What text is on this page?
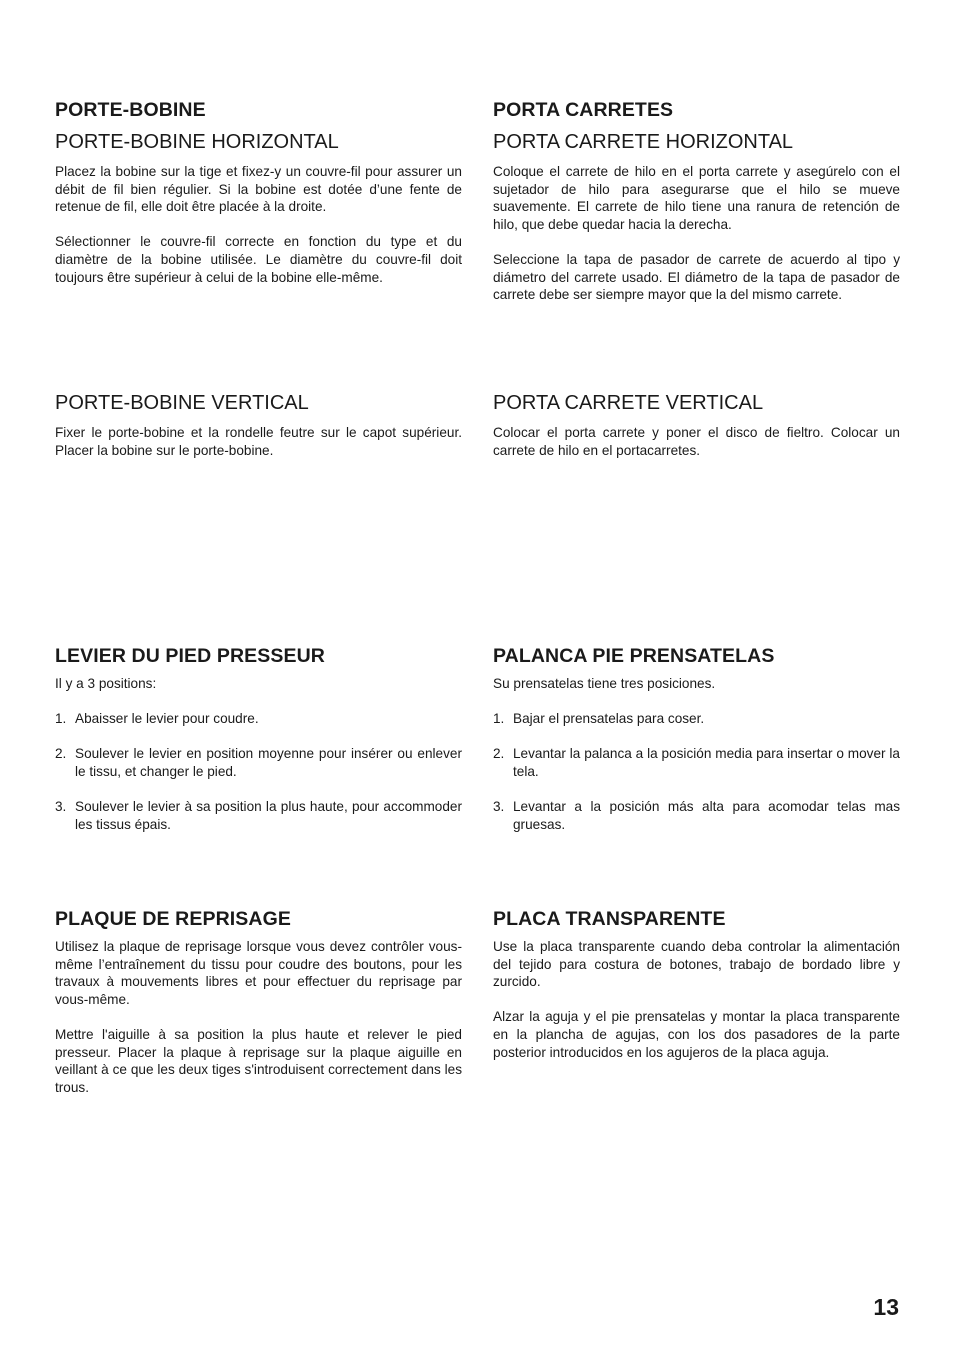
PORTE-BOBINE
PORTE-BOBINE HORIZONTAL

Placez la bobine sur la tige et fixez-y un couvre-fil pour assurer un débit de fil bien régulier. Si la bobine est dotée d’une fente de retenue de fil, elle doit être placée à la droite.

Sélectionner le couvre-fil correcte en fonction du type et du diamètre de la bobine utilisée. Le diamètre du couvre-fil doit toujours être supérieur à celui de la bobine elle-même.

PORTE-BOBINE VERTICAL

Fixer le porte-bobine et la rondelle feutre sur le capot supérieur. Placer la bobine sur le porte-bobine.

LEVIER DU PIED PRESSEUR

Il y a 3 positions:

1. Abaisser le levier pour coudre.
2. Soulever le levier en position moyenne pour insérer ou enlever le tissu, et changer le pied.
3. Soulever le levier à sa position la plus haute, pour accommoder les tissus épais.
PLAQUE DE REPRISAGE

Utilisez la plaque de reprisage lorsque vous devez contrôler vous-même l’entraînement du tissu pour coudre des boutons, pour les travaux à mouvements libres et pour effectuer du reprisage par vous-même.

Mettre l'aiguille à sa position la plus haute et relever le pied presseur. Placer la plaque à reprisage sur la plaque aiguille en veillant à ce que les deux tiges s'introduisent correctement dans les trous.

PORTA CARRETES
PORTA CARRETE HORIZONTAL

Coloque el carrete de hilo en el porta carrete y asegúrelo con el sujetador de hilo para asegurarse que el hilo se mueve suavemente. El carrete de hilo tiene una ranura de retención de hilo, que debe quedar hacia la derecha.

Seleccione la tapa de pasador de carrete de acuerdo al tipo y diámetro del carrete usado. El diámetro de la tapa de pasador de carrete debe ser siempre mayor que la del mismo carrete.

PORTA CARRETE VERTICAL

Colocar el porta carrete y poner el disco de fieltro. Colocar un carrete de hilo en el portacarretes.

PALANCA PIE PRENSATELAS

Su prensatelas tiene tres posiciones.

1. Bajar el prensatelas para coser.
2. Levantar la palanca a la posición media para insertar o mover la tela.
3. Levantar a la posición más alta para acomodar telas mas gruesas.
PLACA TRANSPARENTE

Use la placa transparente cuando deba controlar la alimentación del tejido para costura de botones, trabajo de bordado libre y zurcido.

Alzar la aguja y el pie prensatelas y montar la placa transparente en la plancha de agujas, con los dos pasadores de la parte posterior introducidos en los agujeros de la placa aguja.

13
